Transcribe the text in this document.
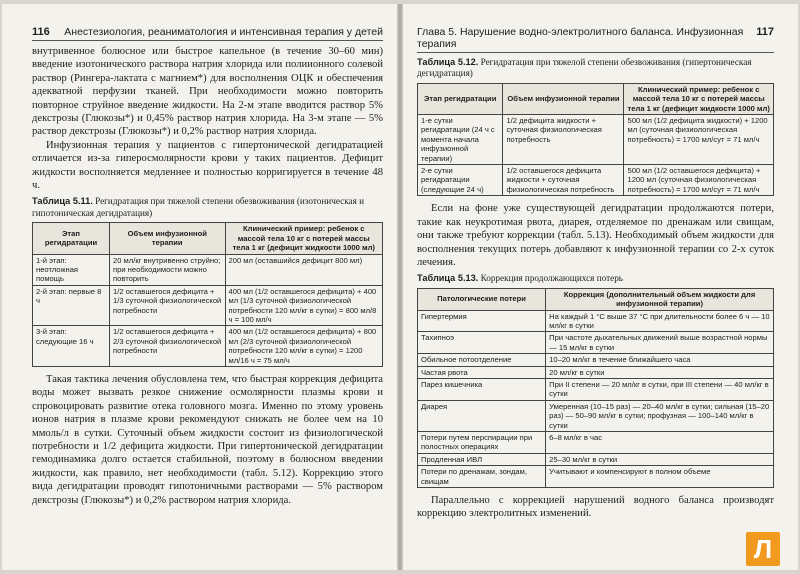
116 Анестезиология, реаниматология и интенсивная терапия у детей

внутривенное болюсное или быстрое капельное (в течение 30–60 мин) введение изотонического раствора натрия хлорида или полиионного солевой раствор (Рингера-лактата с магнием*) для восполнения ОЦК и обеспечения адекватной перфузии тканей. При необходимости можно повторить повторное струйное введение жидкости. На 2-м этапе вводится раствор 5% декстрозы (Глюкозы*) и 0,45% раствор натрия хлорида. На 3-м этапе — 5% раствор декстрозы (Глюкозы*) и 0,2% раствор натрия хлорида.

Инфузионная терапия у пациентов с гипертонической дегидратацией отличается из-за гиперосмолярности крови у таких пациентов. Дефицит жидкости восполняется медленнее и полностью корригируется в течение 48 ч.

Таблица 5.11. Регидратация при тяжелой степени обезвоживания (изотоническая и гипотоническая дегидратация)
Этап регидратации	Объем инфузионной терапии	Клинический пример: ребенок с массой тела 10 кг с потерей массы тела 1 кг (дефицит жидкости 1000 мл)
1-й этап: неотложная помощь	20 мл/кг внутривенно струйно; при необходимости можно повторить	200 мл (оставшийся дефицит 800 мл)
2-й этап: первые 8 ч	1/2 оставшегося дефицита + 1/3 суточной физиологической потребности	400 мл (1/2 оставшегося дефицита) + 400 мл (1/3 суточной физиологической потребности 120 мл/кг в сутки) = 800 мл/8 ч = 100 мл/ч
3-й этап: следующие 16 ч	1/2 оставшегося дефицита + 2/3 суточной физиологической потребности	400 мл (1/2 оставшегося дефицита) + 800 мл (2/3 суточной физиологической потребности 120 мл/кг в сутки) = 1200 мл/16 ч = 75 мл/ч

Такая тактика лечения обусловлена тем, что быстрая коррекция дефицита воды может вызвать резкое снижение осмолярности плазмы крови и спровоцировать развитие отека головного мозга. Именно по этому уровень ионов натрия в плазме крови рекомендуют снижать не более чем на 10 ммоль/л в сутки. Суточный объем жидкости состоит из физиологической потребности и 1/2 дефицита жидкости. При гипертонической дегидратации гемодинамика долго остается стабильной, поэтому в болюсном введении жидкости, как правило, нет необходимости (табл. 5.12). Коррекцию этого вида дегидратации проводят гипотоничными растворами — 5% раствором декстрозы (Глюкозы*) и 0,2% раствором натрия хлорида.

Глава 5. Нарушение водно-электролитного баланса. Инфузионная терапия
117
Таблица 5.12. Регидратация при тяжелой степени обезвоживания (гипертоническая дегидратация)
Этап регидратации	Объем инфузионной терапии	Клинический пример: ребенок с массой тела 10 кг с потерей массы тела 1 кг (дефицит жидкости 1000 мл)
1-е сутки регидратации (24 ч с момента начала инфузионной терапии)	1/2 дефицита жидкости + суточная физиологическая потребность	500 мл (1/2 дефицита жидкости) + 1200 мл (суточная физиологическая потребность) = 1700 мл/сут = 71 мл/ч
2-е сутки регидратации (следующие 24 ч)	1/2 оставшегося дефицита жидкости + суточная физиологическая потребность	500 мл (1/2 оставшегося дефицита) + 1200 мл (суточная физиологическая потребность) = 1700 мл/сут = 71 мл/ч

Если на фоне уже существующей дегидратации продолжаются потери, такие как неукротимая рвота, диарея, отделяемое по дренажам или свищам, они также требуют коррекции (табл. 5.13). Необходимый объем жидкости для восполнения текущих потерь добавляют к инфузионной терапии со 2-х суток лечения.

Таблица 5.13. Коррекция продолжающихся потерь
Патологические потери	Коррекция (дополнительный объем жидкости для инфузионной терапии)
Гипертермия	На каждый 1 °С выше 37 °С при длительности более 6 ч — 10 мл/кг в сутки
Тахипноэ	При частоте дыхательных движений выше возрастной нормы — 15 мл/кг в сутки
Обильное потоотделение	10–20 мл/кг в течение ближайшего часа
Частая рвота	20 мл/кг в сутки
Парез кишечника	При II степени — 20 мл/кг в сутки, при III степени — 40 мл/кг в сутки
Диарея	Умеренная (10–15 раз) — 20–40 мл/кг в сутки; сильная (15–20 раз) — 50–90 мл/кг в сутки; профузная — 100–140 мл/кг в сутки
Потери путем перспирации при полостных операциях	6–8 мл/кг в час
Продленная ИВЛ	25–30 мл/кг в сутки
Потери по дренажам, зондам, свищам	Учитывают и компенсируют в полном объеме

Параллельно с коррекцией нарушений водного баланса производят коррекцию электролитных изменений.

Л
